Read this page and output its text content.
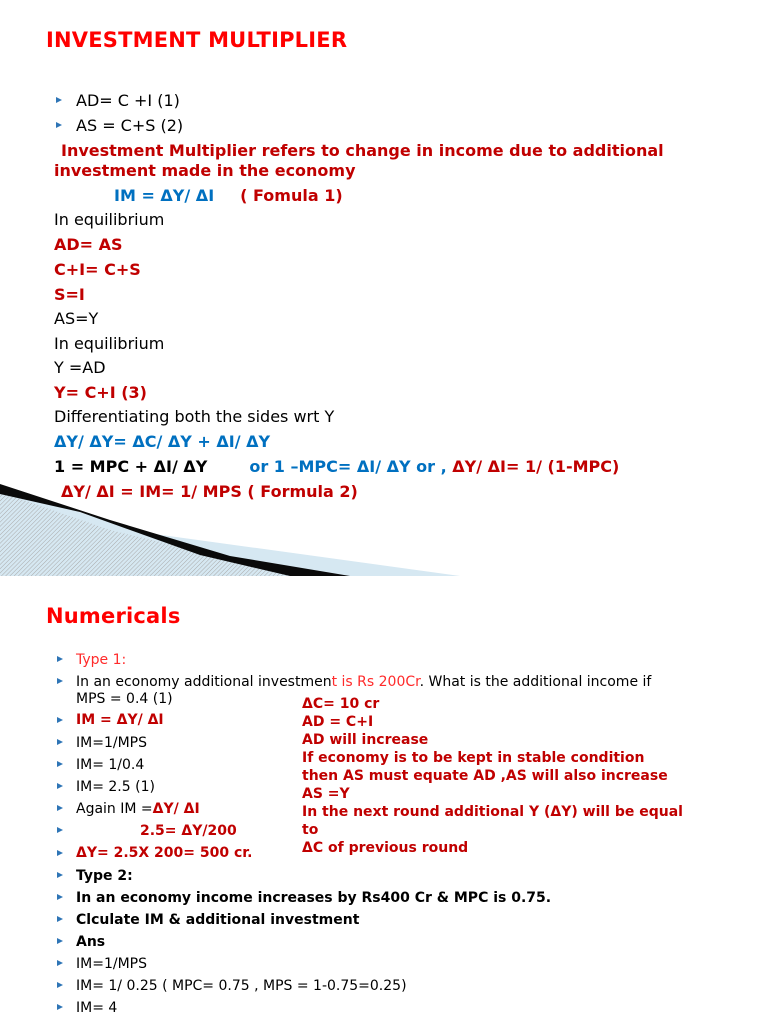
INVESTMENT MULTIPLIER
AD= C +I (1)
AS = C+S (2)
Investment Multiplier refers to change in income due to additional
investment made in the economy
IM = ΔY/ ΔI ( Fomula 1)
In equilibrium
AD= AS
C+I= C+S
S=I
AS=Y
In equilibrium
Y =AD
Y= C+I (3)
Differentiating both the sides wrt Y
ΔY/ ΔY= ΔC/ ΔY + ΔI/ ΔY
1 = MPC + ΔI/ ΔY	or 1 –MPC= ΔI/ ΔY or , ΔY/ ΔI= 1/ (1-MPC)
ΔY/ ΔI = IM= 1/ MPS ( Formula 2)
Numericals
Type 1:
In an economy additional investment is Rs 200Cr. What is the additional income if
MPS = 0.4 (1)
IM = ΔY/ ΔI
IM=1/MPS
IM= 1/0.4
IM= 2.5 (1)
Again IM =ΔY/ ΔI
2.5= ΔY/200
ΔY= 2.5X 200= 500 cr.
Type 2:
In an economy income increases by Rs400 Cr & MPC is 0.75.
Clculate IM & additional investment
Ans
IM=1/MPS
IM= 1/ 0.25 ( MPC= 0.75 , MPS = 1-0.75=0.25)
IM= 4
ΔC= 10 cr
AD = C+I
AD will increase
If economy is to be kept in stable condition
then AS must equate AD ,AS will also increase
AS =Y
In the next round additional Y (ΔY) will be equal
to
ΔC of previous round
